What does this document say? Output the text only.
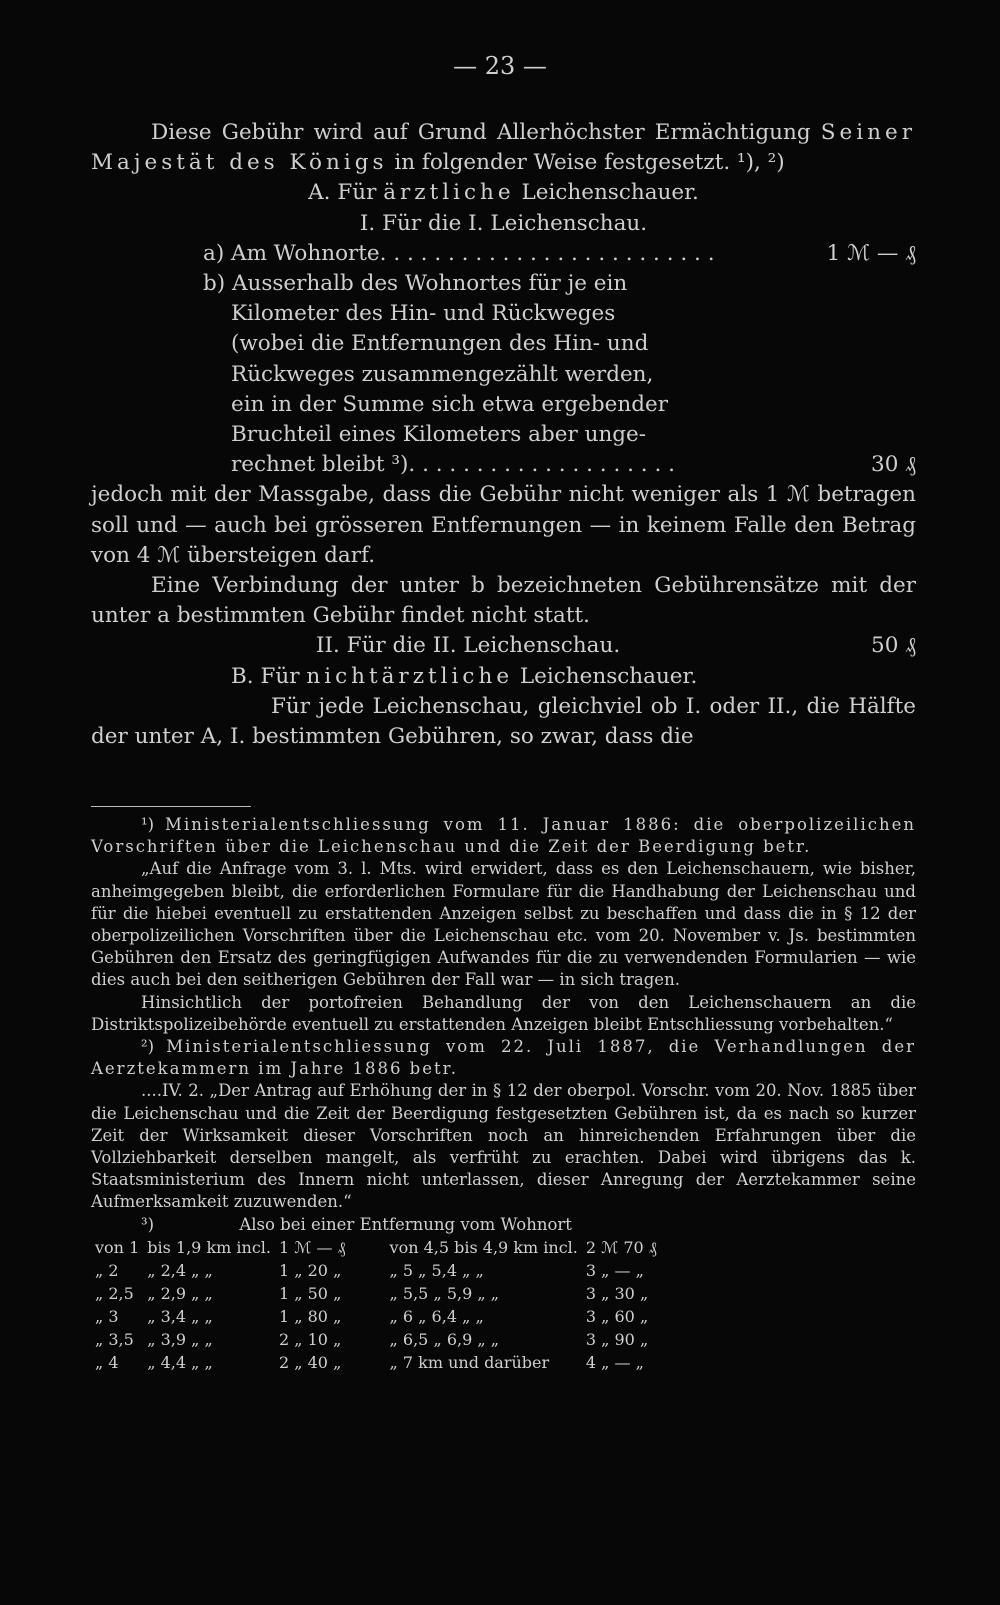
— 23 —

Diese Gebühr wird auf Grund Allerhöchster Ermächtigung Seiner Majestät des Königs in folgender Weise festgesetzt. ¹), ²)

A. Für ärztliche Leichenschauer.

I. Für die I. Leichenschau.

a) Am Wohnorte . . . . . . . . . . . . . . . . . . . . . . . . .	1 ℳ — ₰
b) Ausserhalb des Wohnortes für je ein
Kilometer des Hin- und Rückweges
(wobei die Entfernungen des Hin- und
Rückweges zusammengezählt werden,
ein in der Summe sich etwa ergebender
Bruchteil eines Kilometers aber unge-
rechnet bleibt ³) . . . . . . . . . . . . . . . . . . . .	30 ₰

jedoch mit der Massgabe, dass die Gebühr nicht weniger als 1 ℳ betragen soll und — auch bei grösseren Entfernungen — in keinem Falle den Betrag von 4 ℳ übersteigen darf.

Eine Verbindung der unter b bezeichneten Gebührensätze mit der unter a bestimmten Gebühr findet nicht statt.

II. Für die II. Leichenschau .	50 ₰

B. Für nichtärztliche Leichenschauer.

Für jede Leichenschau, gleichviel ob I. oder II., die Hälfte der unter A, I. bestimmten Gebühren, so zwar, dass die

¹) Ministerialentschliessung vom 11. Januar 1886: die oberpolizeilichen Vorschriften über die Leichenschau und die Zeit der Beerdigung betr.

„Auf die Anfrage vom 3. l. Mts. wird erwidert, dass es den Leichenschauern, wie bisher, anheimgegeben bleibt, die erforderlichen Formulare für die Handhabung der Leichenschau und für die hiebei eventuell zu erstattenden Anzeigen selbst zu beschaffen und dass die in § 12 der oberpolizeilichen Vorschriften über die Leichenschau etc. vom 20. November v. Js. bestimmten Gebühren den Ersatz des geringfügigen Aufwandes für die zu verwendenden Formularien — wie dies auch bei den seitherigen Gebühren der Fall war — in sich tragen.

Hinsichtlich der portofreien Behandlung der von den Leichenschauern an die Distriktspolizeibehörde eventuell zu erstattenden Anzeigen bleibt Entschliessung vorbehalten.“

²) Ministerialentschliessung vom 22. Juli 1887, die Verhandlungen der Aerztekammern im Jahre 1886 betr.

....IV. 2. „Der Antrag auf Erhöhung der in § 12 der oberpol. Vorschr. vom 20. Nov. 1885 über die Leichenschau und die Zeit der Beerdigung festgesetzten Gebühren ist, da es nach so kurzer Zeit der Wirksamkeit dieser Vorschriften noch an hinreichenden Erfahrungen über die Vollziehbarkeit derselben mangelt, als verfrüht zu erachten. Dabei wird übrigens das k. Staatsministerium des Innern nicht unterlassen, dieser Anregung der Aerztekammer seine Aufmerksamkeit zuzuwenden.“

³)	Also bei einer Entfernung vom Wohnort

von 1	bis 1,9 km incl.	1 ℳ — ₰	von 4,5 bis 4,9 km incl.	2 ℳ 70 ₰
„ 2	„ 2,4 „ „	1 „ 20 „	„ 5 „ 5,4 „ „	3 „ — „
„ 2,5	„ 2,9 „ „	1 „ 50 „	„ 5,5 „ 5,9 „ „	3 „ 30 „
„ 3	„ 3,4 „ „	1 „ 80 „	„ 6 „ 6,4 „ „	3 „ 60 „
„ 3,5	„ 3,9 „ „	2 „ 10 „	„ 6,5 „ 6,9 „ „	3 „ 90 „
„ 4	„ 4,4 „ „	2 „ 40 „	„ 7 km und darüber	4 „ — „
